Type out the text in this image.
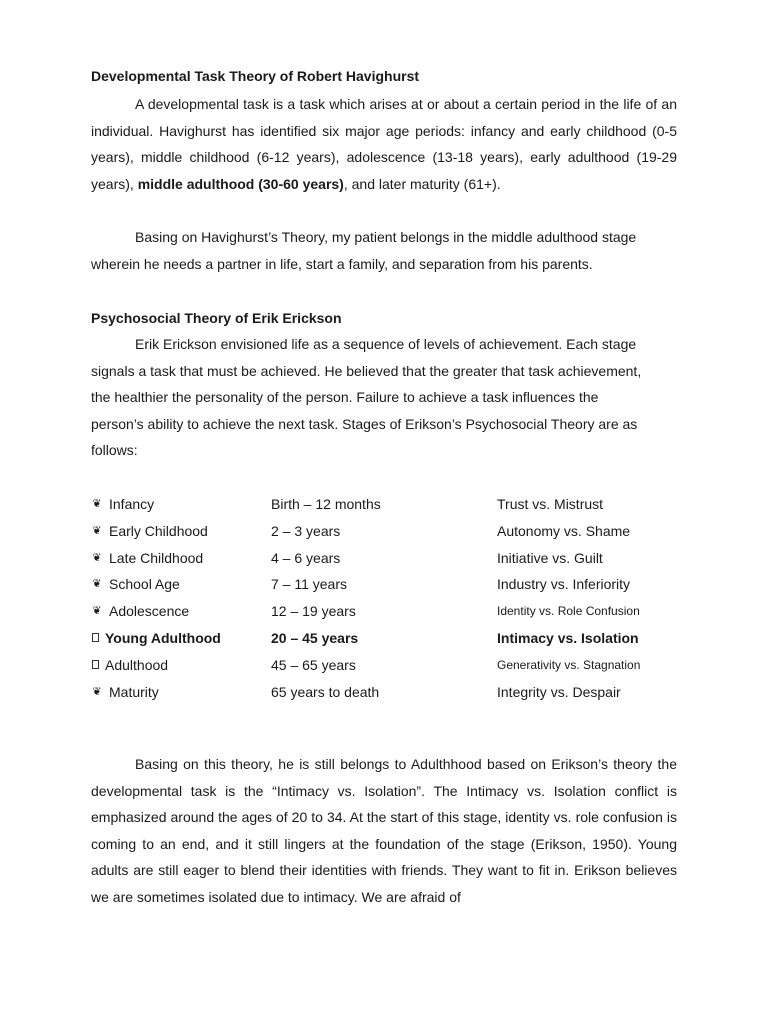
Developmental Task Theory of Robert Havighurst

A developmental task is a task which arises at or about a certain period in the life of an individual. Havighurst has identified six major age periods: infancy and early childhood (0-5 years), middle childhood (6-12 years), adolescence (13-18 years), early adulthood (19-29 years), middle adulthood (30-60 years), and later maturity (61+).

Basing on Havighurst’s Theory, my patient belongs in the middle adulthood stage wherein he needs a partner in life, start a family, and separation from his parents.

Psychosocial Theory of Erik Erickson

Erik Erickson envisioned life as a sequence of levels of achievement. Each stage signals a task that must be achieved. He believed that the greater that task achievement, the healthier the personality of the person. Failure to achieve a task influences the person’s ability to achieve the next task. Stages of Erikson’s Psychosocial Theory are as follows:

❦ Infancy	Birth – 12 months	Trust vs. Mistrust
❦ Early Childhood	2 – 3 years	Autonomy vs. Shame
❦ Late Childhood	4 – 6 years	Initiative vs. Guilt
❦ School Age	7 – 11 years	Industry vs. Inferiority
❦ Adolescence	12 – 19 years	Identity vs. Role Confusion
Young Adulthood	20 – 45 years	Intimacy vs. Isolation
Adulthood	45 – 65 years	Generativity vs. Stagnation
❦ Maturity	65 years to death	Integrity vs. Despair

Basing on this theory, he is still belongs to Adulthhood based on Erikson’s theory the developmental task is the “Intimacy vs. Isolation”. The Intimacy vs. Isolation conflict is emphasized around the ages of 20 to 34. At the start of this stage, identity vs. role confusion is coming to an end, and it still lingers at the foundation of the stage (Erikson, 1950). Young adults are still eager to blend their identities with friends. They want to fit in. Erikson believes we are sometimes isolated due to intimacy. We are afraid of
